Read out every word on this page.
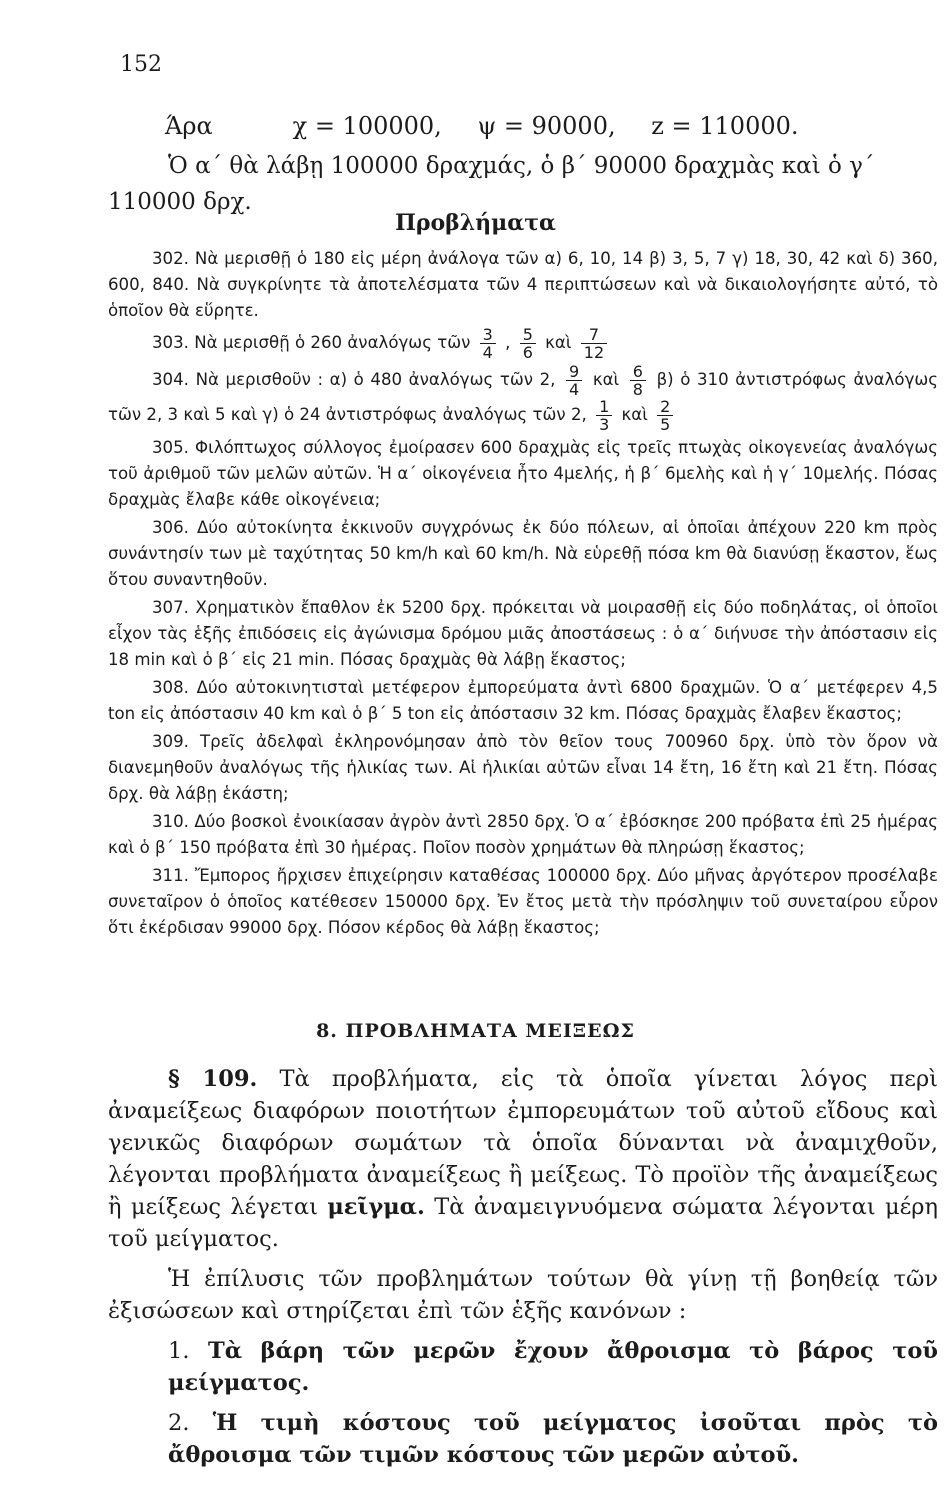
152
Άρα	χ = 100000, ψ = 90000, z = 110000.
Ὁ α΄ θὰ λάβῃ 100000 δραχμάς, ὁ β΄ 90000 δραχμὰς καὶ ὁ γ΄ 110000 δρχ.
Προβλήματα
302. Νὰ μερισθῇ ὁ 180 εἰς μέρη ἀνάλογα τῶν α) 6, 10, 14 β) 3, 5, 7 γ) 18, 30, 42 καὶ δ) 360, 600, 840. Νὰ συγκρίνητε τὰ ἀποτελέσματα τῶν 4 περιπτώσεων καὶ νὰ δικαιολογήσητε αὐτό, τὸ ὁποῖον θὰ εὕρητε.
303. Νὰ μερισθῇ ὁ 260 ἀναλόγως τῶν $\frac{3}{4}$ , $\frac{5}{6}$ καὶ $\frac{7}{12}$
304. Νὰ μερισθοῦν : α) ὁ 480 ἀναλόγως τῶν 2, $\frac{9}{4}$ καὶ $\frac{6}{8} \beta$) ὁ 310 ἀντιστρόφως ἀναλόγως τῶν 2, 3 καὶ 5 καὶ γ) ὁ 24 ἀντιστρόφως ἀναλόγως τῶν 2, $\frac{1}{3}$ καὶ $\frac{2}{5}$
305. Φιλόπτωχος σύλλογος ἐμοίρασεν 600 δραχμὰς εἰς τρεῖς πτωχὰς οἰκογενείας ἀναλόγως τοῦ ἀριθμοῦ τῶν μελῶν αὐτῶν. Ἡ α΄ οἰκογένεια ἦτο 4μελής, ἡ β΄ 6μελὴς καὶ ἡ γ΄ 10μελής. Πόσας δραχμὰς ἔλαβε κάθε οἰκογένεια;
306. Δύο αὐτοκίνητα ἐκκινοῦν συγχρόνως ἐκ δύο πόλεων, αἱ ὁποῖαι ἀπέχουν 220 km πρὸς συνάντησίν των μὲ ταχύτητας 50 km/h καὶ 60 km/h. Νὰ εὑρεθῇ πόσα km θὰ διανύσῃ ἕκαστον, ἕως ὅτου συναντηθοῦν.
307. Χρηματικὸν ἔπαθλον ἐκ 5200 δρχ. πρόκειται νὰ μοιρασθῇ εἰς δύο ποδηλάτας, οἱ ὁποῖοι εἶχον τὰς ἑξῆς ἐπιδόσεις εἰς ἀγώνισμα δρόμου μιᾶς ἀποστάσεως : ὁ α΄ διήνυσε τὴν ἀπόστασιν εἰς 18 min καὶ ὁ β΄ εἰς 21 min. Πόσας δραχμὰς θὰ λάβῃ ἕκαστος;
308. Δύο αὐτοκινητισταὶ μετέφερον ἐμπορεύματα ἀντὶ 6800 δραχμῶν. Ὁ α΄ μετέφερεν 4,5 ton εἰς ἀπόστασιν 40 km καὶ ὁ β΄ 5 ton εἰς ἀπόστασιν 32 km. Πόσας δραχμὰς ἔλαβεν ἕκαστος;
309. Τρεῖς ἀδελφαὶ ἐκληρονόμησαν ἀπὸ τὸν θεῖον τους 700960 δρχ. ὑπὸ τὸν ὅρον νὰ διανεμηθοῦν ἀναλόγως τῆς ἡλικίας των. Αἱ ἡλικίαι αὐτῶν εἶναι 14 ἔτη, 16 ἔτη καὶ 21 ἔτη. Πόσας δρχ. θὰ λάβῃ ἑκάστη;
310. Δύο βοσκοὶ ἐνοικίασαν ἀγρὸν ἀντὶ 2850 δρχ. Ὁ α΄ ἐβόσκησε 200 πρόβατα ἐπὶ 25 ἡμέρας καὶ ὁ β΄ 150 πρόβατα ἐπὶ 30 ἡμέρας. Ποῖον ποσὸν χρημάτων θὰ πληρώσῃ ἕκαστος;
311. Ἔμπορος ἤρχισεν ἐπιχείρησιν καταθέσας 100000 δρχ. Δύο μῆνας ἀργότερον προσέλαβε συνεταῖρον ὁ ὁποῖος κατέθεσεν 150000 δρχ. Ἐν ἔτος μετὰ τὴν πρόσληψιν τοῦ συνεταίρου εὗρον ὅτι ἐκέρδισαν 99000 δρχ. Πόσον κέρδος θὰ λάβῃ ἕκαστος;
8. ΠΡΟΒΛΗΜΑΤΑ ΜΕΙΞΕΩΣ

§ 109. Τὰ προβλήματα, εἰς τὰ ὁποῖα γίνεται λόγος περὶ ἀναμείξεως διαφόρων ποιοτήτων ἐμπορευμάτων τοῦ αὐτοῦ εἴδους καὶ γενικῶς διαφόρων σωμάτων τὰ ὁποῖα δύνανται νὰ ἀναμιχθοῦν, λέγονται προβλήματα ἀναμείξεως ἢ μείξεως. Τὸ προϊὸν τῆς ἀναμείξεως ἢ μείξεως λέγεται μεῖγμα. Τὰ ἀναμειγνυόμενα σώματα λέγονται μέρη τοῦ μείγματος.

Ἡ ἐπίλυσις τῶν προβλημάτων τούτων θὰ γίνῃ τῇ βοηθείᾳ τῶν ἐξισώσεων καὶ στηρίζεται ἐπὶ τῶν ἑξῆς κανόνων :

1. Τὰ βάρη τῶν μερῶν ἔχουν ἄθροισμα τὸ βάρος τοῦ μείγματος.

2. Ἡ τιμὴ κόστους τοῦ μείγματος ἰσοῦται πρὸς τὸ ἄθροισμα τῶν τιμῶν κόστους τῶν μερῶν αὐτοῦ.
